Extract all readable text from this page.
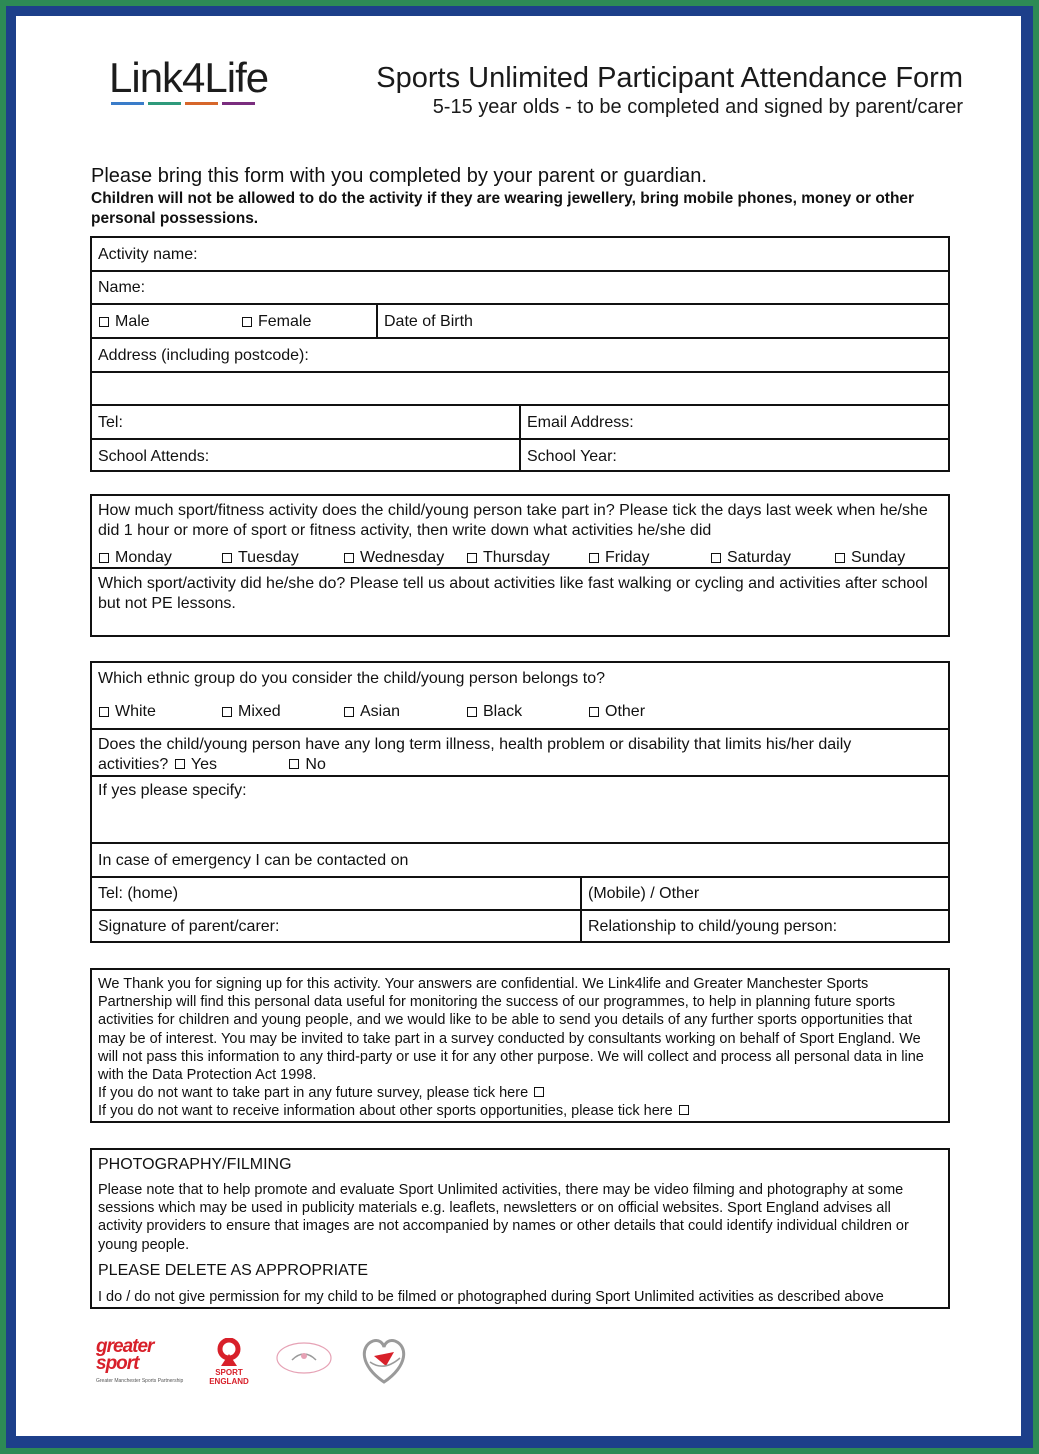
Link4Life	Sports Unlimited Participant Attendance Form
5-15 year olds - to be completed and signed by parent/carer
Please bring this form with you completed by your parent or guardian.
Children will not be allowed to do the activity if they are wearing jewellery, bring mobile phones, money or other personal possessions.
Activity name:
Name:
Male	Female	Date of Birth
Address (including postcode):
Tel:	Email Address:
School Attends:	School Year:
How much sport/fitness activity does the child/young person take part in? Please tick the days last week when he/she did 1 hour or more of sport or fitness activity, then write down what activities he/she did
Monday	Tuesday	Wednesday Thursday	Friday	Saturday	Sunday
Which sport/activity did he/she do? Please tell us about activities like fast walking or cycling and activities after school but not PE lessons.
Which ethnic group do you consider the child/young person belongs to?
White	Mixed	Asian	Black	Other
Does the child/young person have any long term illness, health problem or disability that limits his/her daily activities? Yes	No
If yes please specify:
In case of emergency I can be contacted on
Tel: (home)	(Mobile) / Other
Signature of parent/carer:	Relationship to child/young person:
We Thank you for signing up for this activity. Your answers are confidential. We Link4life and Greater Manchester Sports Partnership will find this personal data useful for monitoring the success of our programmes, to help in planning future sports activities for children and young people, and we would like to be able to send you details of any further sports opportunities that may be of interest. You may be invited to take part in a survey conducted by consultants working on behalf of Sport England. We will not pass this information to any third-party or use it for any other purpose. We will collect and process all personal data in line with the Data Protection Act 1998.
If you do not want to take part in any future survey, please tick here
If you do not want to receive information about other sports opportunities, please tick here
PHOTOGRAPHY/FILMING
Please note that to help promote and evaluate Sport Unlimited activities, there may be video filming and photography at some sessions which may be used in publicity materials e.g. leaflets, newsletters or on official websites. Sport England advises all activity providers to ensure that images are not accompanied by names or other details that could identify individual children or young people.
PLEASE DELETE AS APPROPRIATE
I do / do not give permission for my child to be filmed or photographed during Sport Unlimited activities as described above
greater sport
Greater Manchester Sports Partnership
SPORT
ENGLAND
